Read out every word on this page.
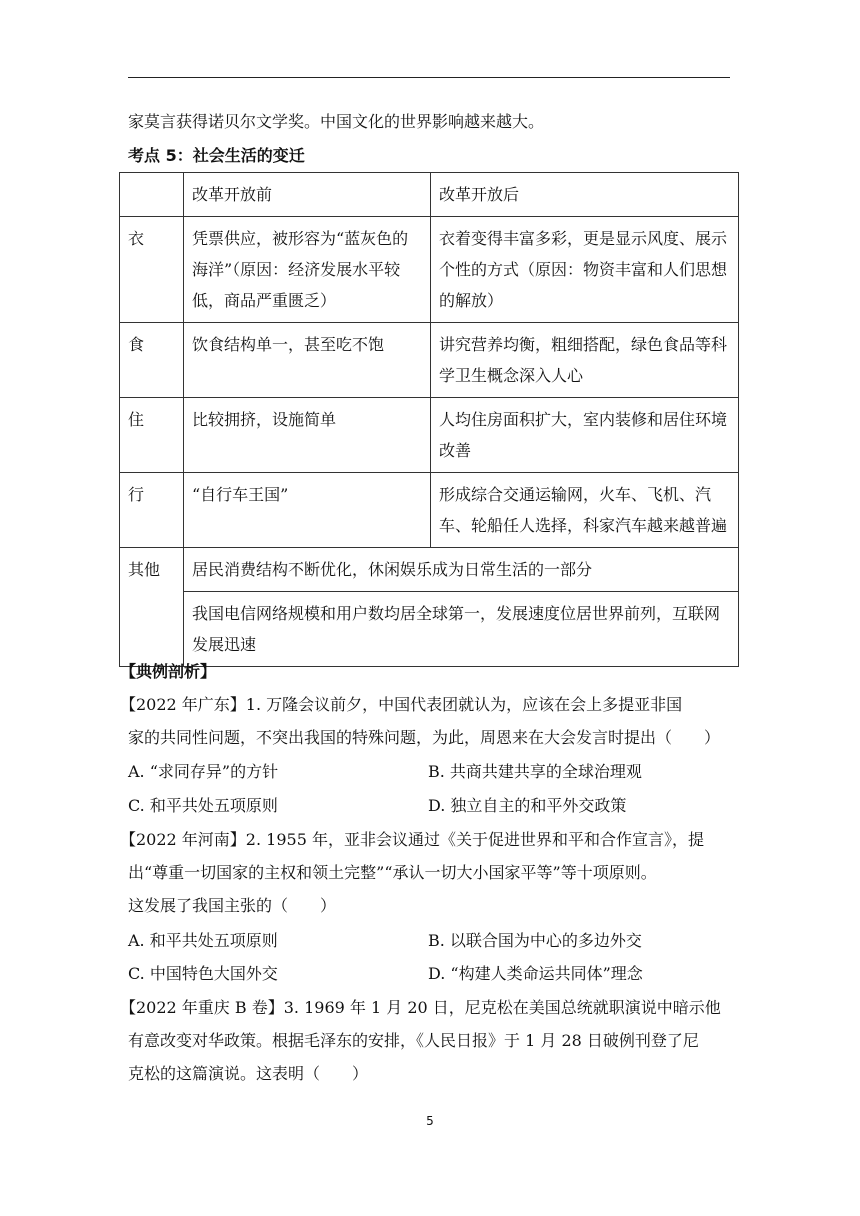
家莫言获得诺贝尔文学奖。中国文化的世界影响越来越大。
考点 5：社会生活的变迁
	改革开放前	改革开放后
衣	凭票供应，被形容为“蓝灰色的海洋”（原因：经济发展水平较低，商品严重匮乏）	衣着变得丰富多彩，更是显示风度、展示个性的方式（原因：物资丰富和人们思想的解放）
食	饮食结构单一，甚至吃不饱	讲究营养均衡，粗细搭配，绿色食品等科学卫生概念深入人心
住	比较拥挤，设施简单	人均住房面积扩大，室内装修和居住环境改善
行	“自行车王国”	形成综合交通运输网，火车、飞机、汽车、轮船任人选择，科家汽车越来越普遍
其他	居民消费结构不断优化，休闲娱乐成为日常生活的一部分	
	我国电信网络规模和用户数均居全球第一，发展速度位居世界前列，互联网发展迅速	
【典例剖析】
【2022 年广东】1. 万隆会议前夕，中国代表团就认为，应该在会上多提亚非国
家的共同性问题，不突出我国的特殊问题，为此，周恩来在大会发言时提出（　　）
A. “求同存异”的方针	B. 共商共建共享的全球治理观
C. 和平共处五项原则	D. 独立自主的和平外交政策
【2022 年河南】2. 1955 年，亚非会议通过《关于促进世界和平和合作宣言》，提
出“尊重一切国家的主权和领土完整”“承认一切大小国家平等”等十项原则。
这发展了我国主张的（　　）
A. 和平共处五项原则	B. 以联合国为中心的多边外交
C. 中国特色大国外交	D. “构建人类命运共同体”理念
【2022 年重庆 B 卷】3. 1969 年 1 月 20 日，尼克松在美国总统就职演说中暗示他
有意改变对华政策。根据毛泽东的安排，《人民日报》于 1 月 28 日破例刊登了尼
克松的这篇演说。这表明（　　）
5
